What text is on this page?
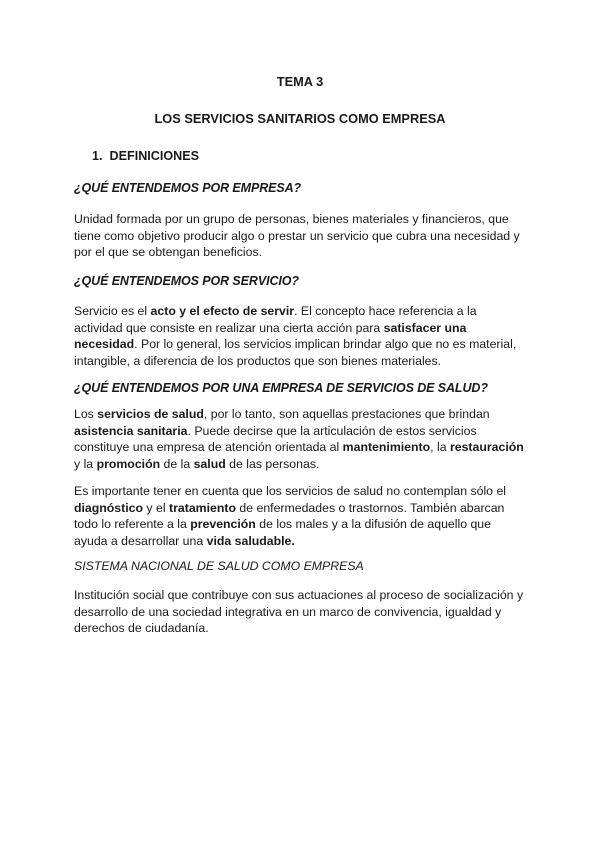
TEMA 3
LOS SERVICIOS SANITARIOS COMO EMPRESA
1. DEFINICIONES
¿QUÉ ENTENDEMOS POR EMPRESA?

Unidad formada por un grupo de personas, bienes materiales y financieros, que tiene como objetivo producir algo o prestar un servicio que cubra una necesidad y por el que se obtengan beneficios.

¿QUÉ ENTENDEMOS POR SERVICIO?

Servicio es el acto y el efecto de servir. El concepto hace referencia a la actividad que consiste en realizar una cierta acción para satisfacer una necesidad. Por lo general, los servicios implican brindar algo que no es material, intangible, a diferencia de los productos que son bienes materiales.

¿QUÉ ENTENDEMOS POR UNA EMPRESA DE SERVICIOS DE SALUD?

Los servicios de salud, por lo tanto, son aquellas prestaciones que brindan asistencia sanitaria. Puede decirse que la articulación de estos servicios constituye una empresa de atención orientada al mantenimiento, la restauración y la promoción de la salud de las personas.

Es importante tener en cuenta que los servicios de salud no contemplan sólo el diagnóstico y el tratamiento de enfermedades o trastornos. También abarcan todo lo referente a la prevención de los males y a la difusión de aquello que ayuda a desarrollar una vida saludable.

SISTEMA NACIONAL DE SALUD COMO EMPRESA

Institución social que contribuye con sus actuaciones al proceso de socialización y desarrollo de una sociedad integrativa en un marco de convivencia, igualdad y derechos de ciudadanía.
